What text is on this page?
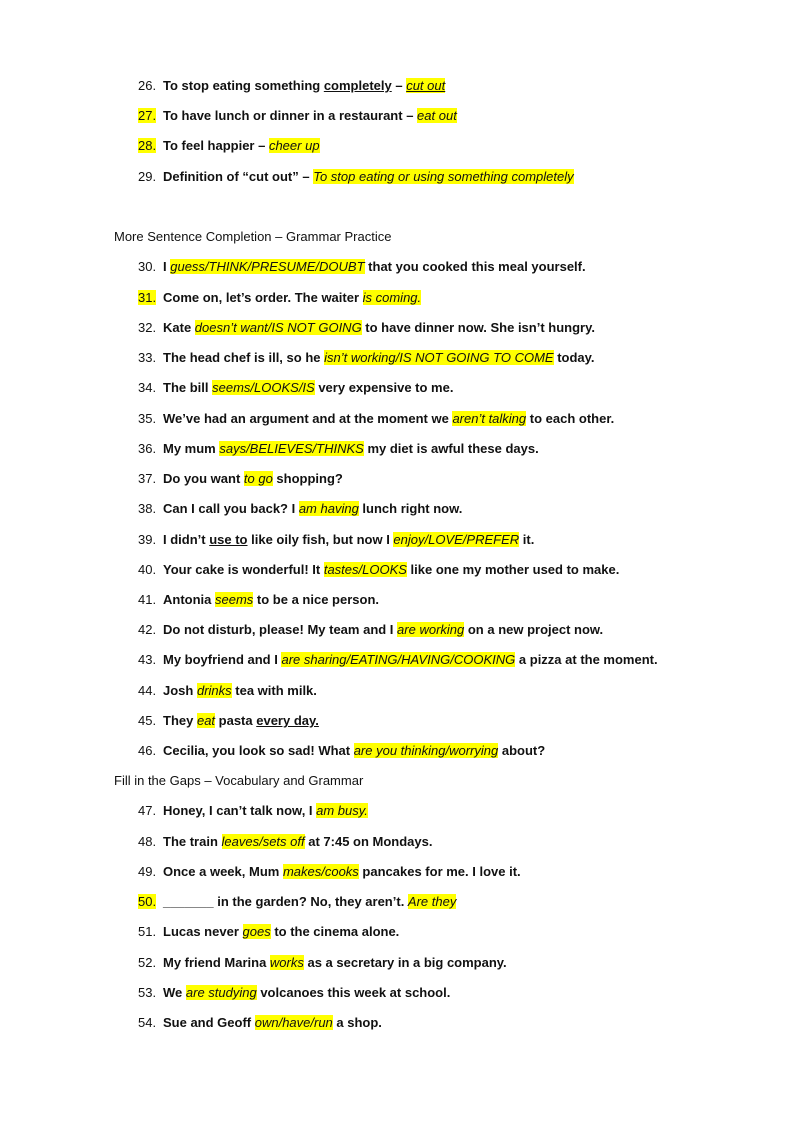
26. To stop eating something completely – cut out
27. To have lunch or dinner in a restaurant – eat out
28. To feel happier – cheer up
29. Definition of “cut out” – To stop eating or using something completely
More Sentence Completion – Grammar Practice
30. I guess/THINK/PRESUME/DOUBT that you cooked this meal yourself.
31. Come on, let’s order. The waiter is coming.
32. Kate doesn’t want/IS NOT GOING to have dinner now. She isn’t hungry.
33. The head chef is ill, so he isn’t working/IS NOT GOING TO COME today.
34. The bill seems/LOOKS/IS very expensive to me.
35. We’ve had an argument and at the moment we aren’t talking to each other.
36. My mum says/BELIEVES/THINKS my diet is awful these days.
37. Do you want to go shopping?
38. Can I call you back? I am having lunch right now.
39. I didn’t use to like oily fish, but now I enjoy/LOVE/PREFER it.
40. Your cake is wonderful! It tastes/LOOKS like one my mother used to make.
41. Antonia seems to be a nice person.
42. Do not disturb, please! My team and I are working on a new project now.
43. My boyfriend and I are sharing/EATING/HAVING/COOKING a pizza at the moment.
44. Josh drinks tea with milk.
45. They eat pasta every day.
46. Cecilia, you look so sad! What are you thinking/worrying about?
Fill in the Gaps – Vocabulary and Grammar
47. Honey, I can’t talk now, I am busy.
48. The train leaves/sets off at 7:45 on Mondays.
49. Once a week, Mum makes/cooks pancakes for me. I love it.
50. _______ in the garden? No, they aren’t. Are they
51. Lucas never goes to the cinema alone.
52. My friend Marina works as a secretary in a big company.
53. We are studying volcanoes this week at school.
54. Sue and Geoff own/have/run a shop.
